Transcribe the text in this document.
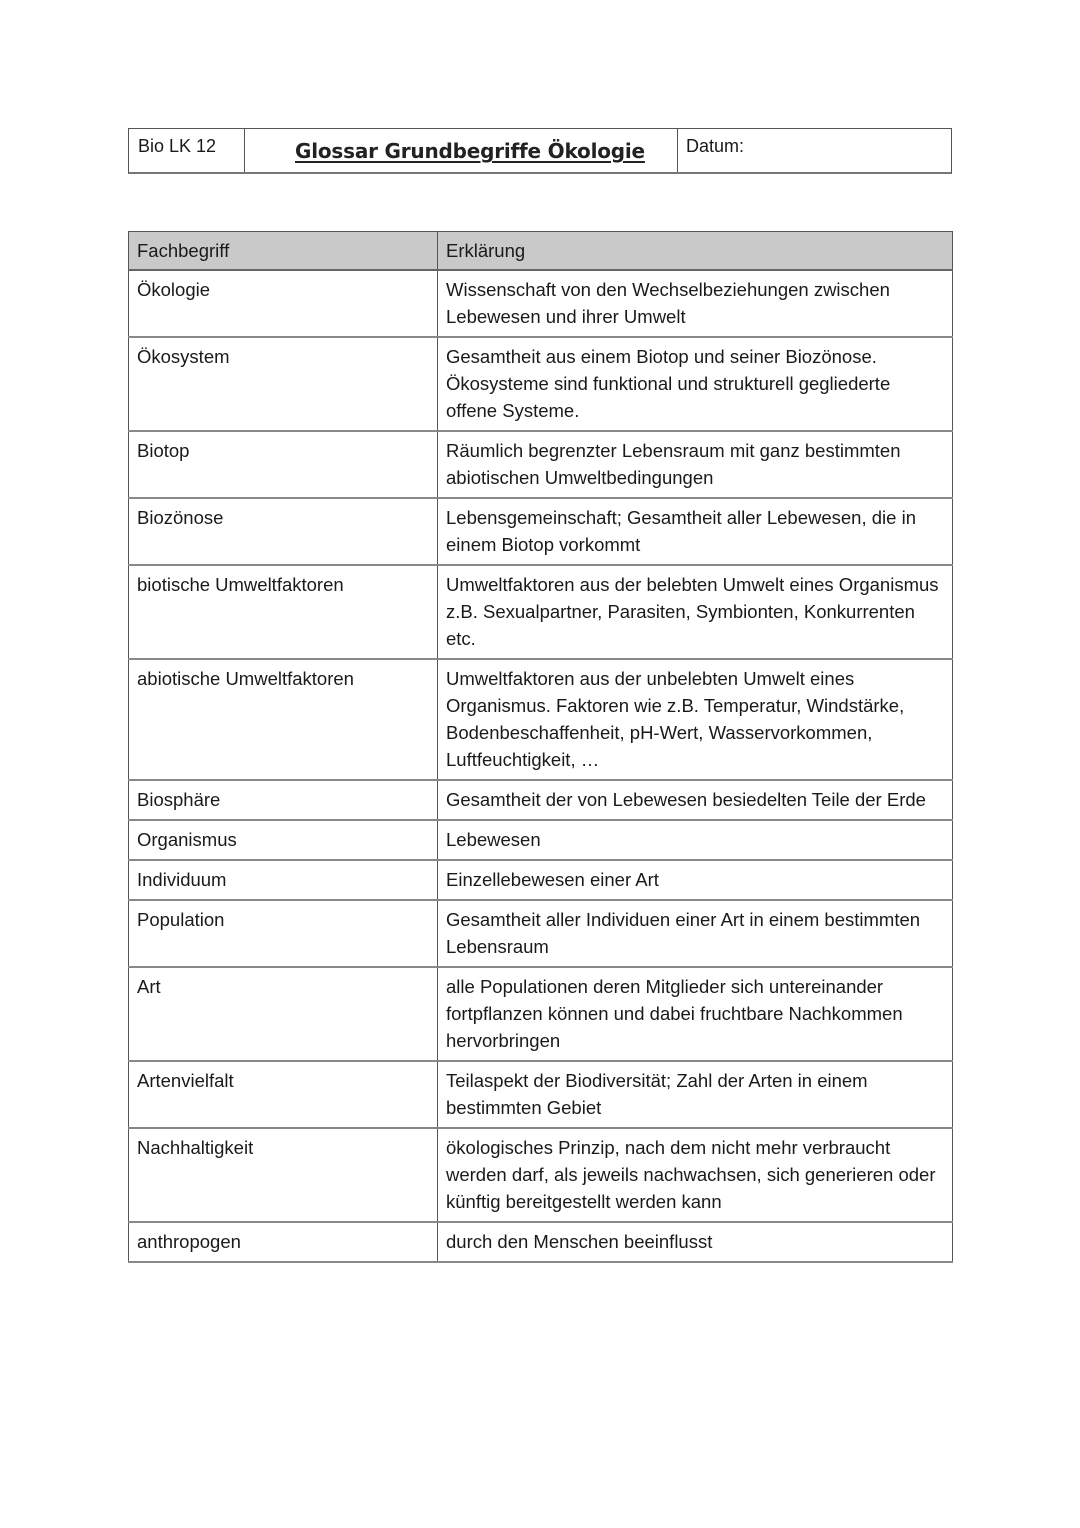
Bio LK 12	Glossar Grundbegriffe Ökologie	Datum:
Fachbegriff	Erklärung
Ökologie	Wissenschaft von den Wechselbeziehungen zwischen Lebewesen und ihrer Umwelt
Ökosystem	Gesamtheit aus einem Biotop und seiner Biozönose. Ökosysteme sind funktional und strukturell gegliederte offene Systeme.
Biotop	Räumlich begrenzter Lebensraum mit ganz bestimmten abiotischen Umweltbedingungen
Biozönose	Lebensgemeinschaft; Gesamtheit aller Lebewesen, die in einem Biotop vorkommt
biotische Umweltfaktoren	Umweltfaktoren aus der belebten Umwelt eines Organismus z.B. Sexualpartner, Parasiten, Symbionten, Konkurrenten etc.
abiotische Umweltfaktoren	Umweltfaktoren aus der unbelebten Umwelt eines Organismus. Faktoren wie z.B. Temperatur, Windstärke, Bodenbeschaffenheit, pH-Wert, Wasservorkommen, Luftfeuchtigkeit, …
Biosphäre	Gesamtheit der von Lebewesen besiedelten Teile der Erde
Organismus	Lebewesen
Individuum	Einzellebewesen einer Art
Population	Gesamtheit aller Individuen einer Art in einem bestimmten Lebensraum
Art	alle Populationen deren Mitglieder sich untereinander fortpflanzen können und dabei fruchtbare Nachkommen hervorbringen
Artenvielfalt	Teilaspekt der Biodiversität; Zahl der Arten in einem bestimmten Gebiet
Nachhaltigkeit	ökologisches Prinzip, nach dem nicht mehr verbraucht werden darf, als jeweils nachwachsen, sich generieren oder künftig bereitgestellt werden kann
anthropogen	durch den Menschen beeinflusst
